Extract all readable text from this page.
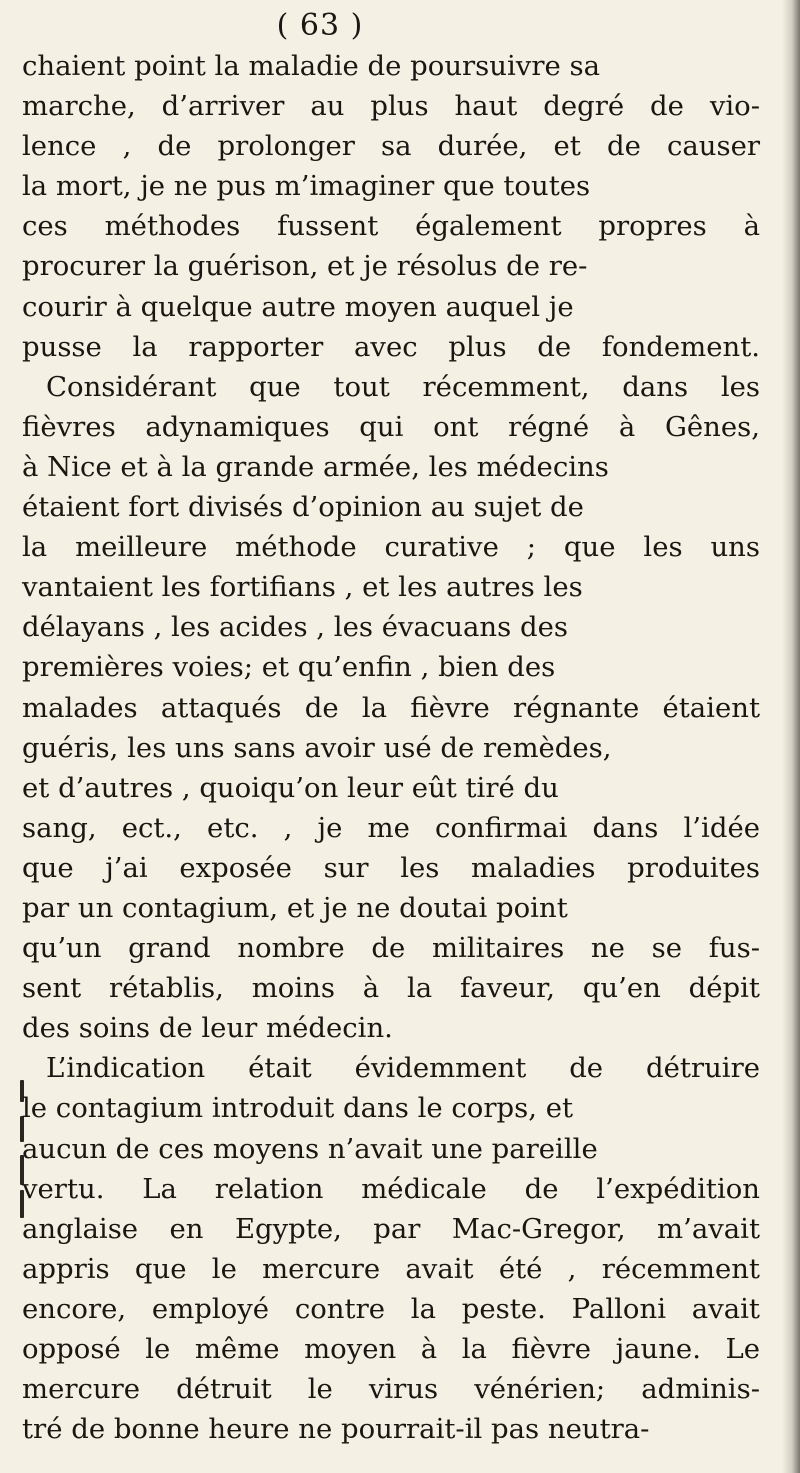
( 63 )
chaient point la maladie de poursuivre sa
marche, d’arriver au plus haut degré de vio-
lence , de prolonger sa durée, et de causer
la mort, je ne pus m’imaginer que toutes
ces méthodes fussent également propres à
procurer la guérison, et je résolus de re-
courir à quelque autre moyen auquel je
pusse la rapporter avec plus de fondement.
Considérant que tout récemment, dans les
fièvres adynamiques qui ont régné à Gênes,
à Nice et à la grande armée, les médecins
étaient fort divisés d’opinion au sujet de
la meilleure méthode curative ; que les uns
vantaient les fortifians , et les autres les
délayans , les acides , les évacuans des
premières voies; et qu’enfin , bien des
malades attaqués de la fièvre régnante étaient
guéris, les uns sans avoir usé de remèdes,
et d’autres , quoiqu’on leur eût tiré du
sang, ect., etc. , je me confirmai dans l’idée
que j’ai exposée sur les maladies produites
par un contagium, et je ne doutai point
qu’un grand nombre de militaires ne se fus-
sent rétablis, moins à la faveur, qu’en dépit
des soins de leur médecin.
L’indication était évidemment de détruire
le contagium introduit dans le corps, et
aucun de ces moyens n’avait une pareille
vertu. La relation médicale de l’expédition
anglaise en Egypte, par Mac-Gregor, m’avait
appris que le mercure avait été , récemment
encore, employé contre la peste. Palloni avait
opposé le même moyen à la fièvre jaune. Le
mercure détruit le virus vénérien; adminis-
tré de bonne heure ne pourrait-il pas neutra-
